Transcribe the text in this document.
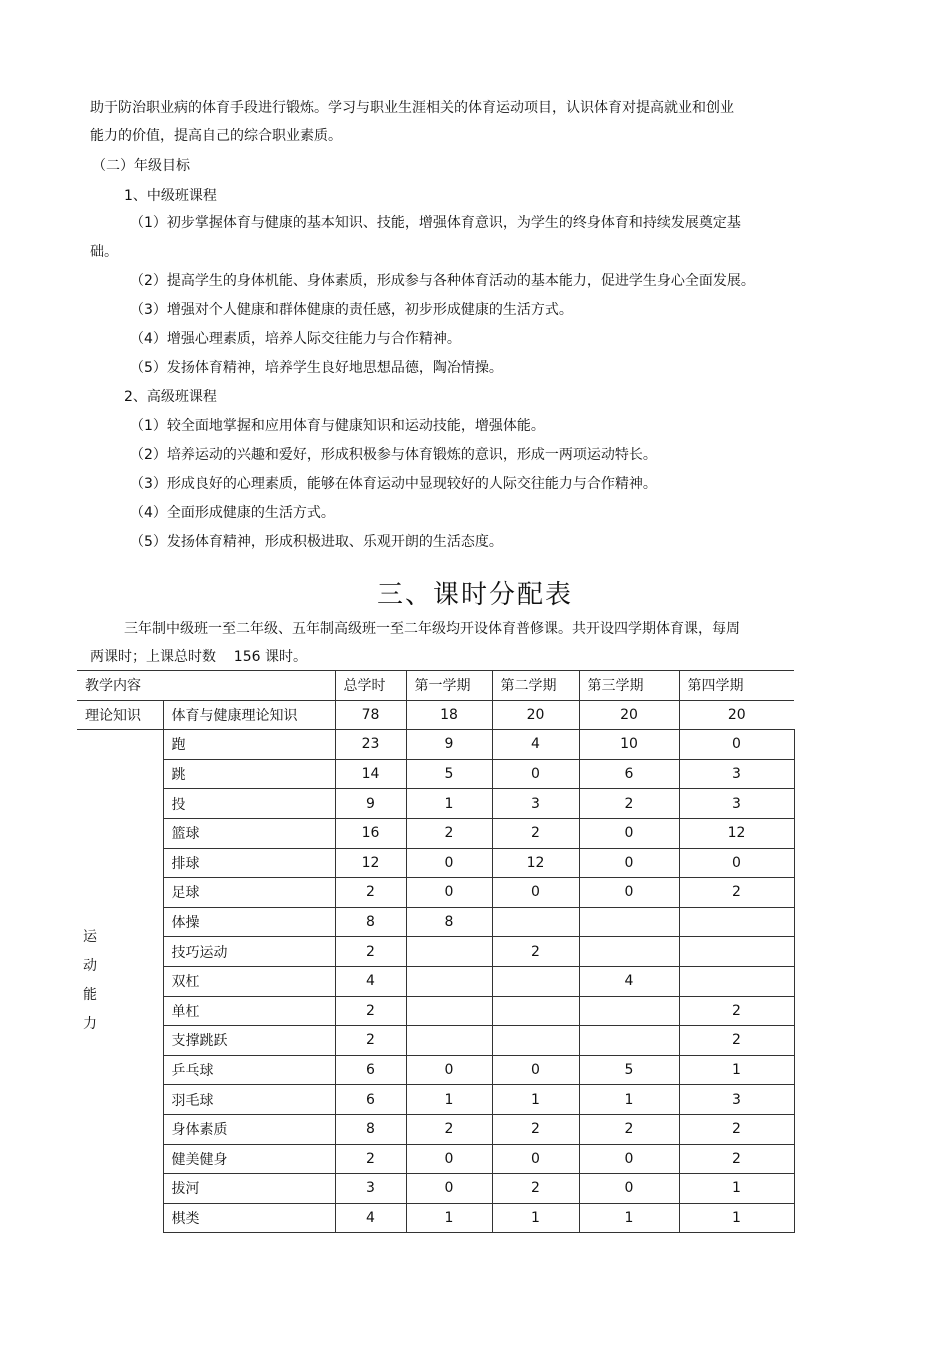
助于防治职业病的体育手段进行锻炼。学习与职业生涯相关的体育运动项目，认识体育对提高就业和创业
能力的价值，提高自己的综合职业素质。
（二）年级目标
1、中级班课程
（1）初步掌握体育与健康的基本知识、技能，增强体育意识，为学生的终身体育和持续发展奠定基
础。
（2）提高学生的身体机能、身体素质，形成参与各种体育活动的基本能力，促进学生身心全面发展。
（3）增强对个人健康和群体健康的责任感，初步形成健康的生活方式。
（4）增强心理素质，培养人际交往能力与合作精神。
（5）发扬体育精神，培养学生良好地思想品德，陶冶情操。
2、高级班课程
（1）较全面地掌握和应用体育与健康知识和运动技能，增强体能。
（2）培养运动的兴趣和爱好，形成积极参与体育锻炼的意识，形成一两项运动特长。
（3）形成良好的心理素质，能够在体育运动中显现较好的人际交往能力与合作精神。
（4）全面形成健康的生活方式。
（5）发扬体育精神，形成积极进取、乐观开朗的生活态度。
三、课时分配表
三年制中级班一至二年级、五年制高级班一至二年级均开设体育普修课。共开设四学期体育课，每周
两课时；上课总时数    156 课时。
教学内容		总学时	第一学期	第二学期	第三学期	第四学期
理论知识	体育与健康理论知识	78	18	20	20	20

运动能力	跑	23	9	4	10	0
	跳	14	5	0	6	3
	投	9	1	3	2	3
	篮球	16	2	2	0	12
	排球	12	0	12	0	0
	足球	2	0	0	0	2
	体操	8	8			
	技巧运动	2		2		
	双杠	4			4	
	单杠	2				2
	支撑跳跃	2				2
	乒乓球	6	0	0	5	1
	羽毛球	6	1	1	1	3
	身体素质	8	2	2	2	2
	健美健身	2	0	0	0	2
	拔河	3	0	2	0	1
	棋类	4	1	1	1	1
